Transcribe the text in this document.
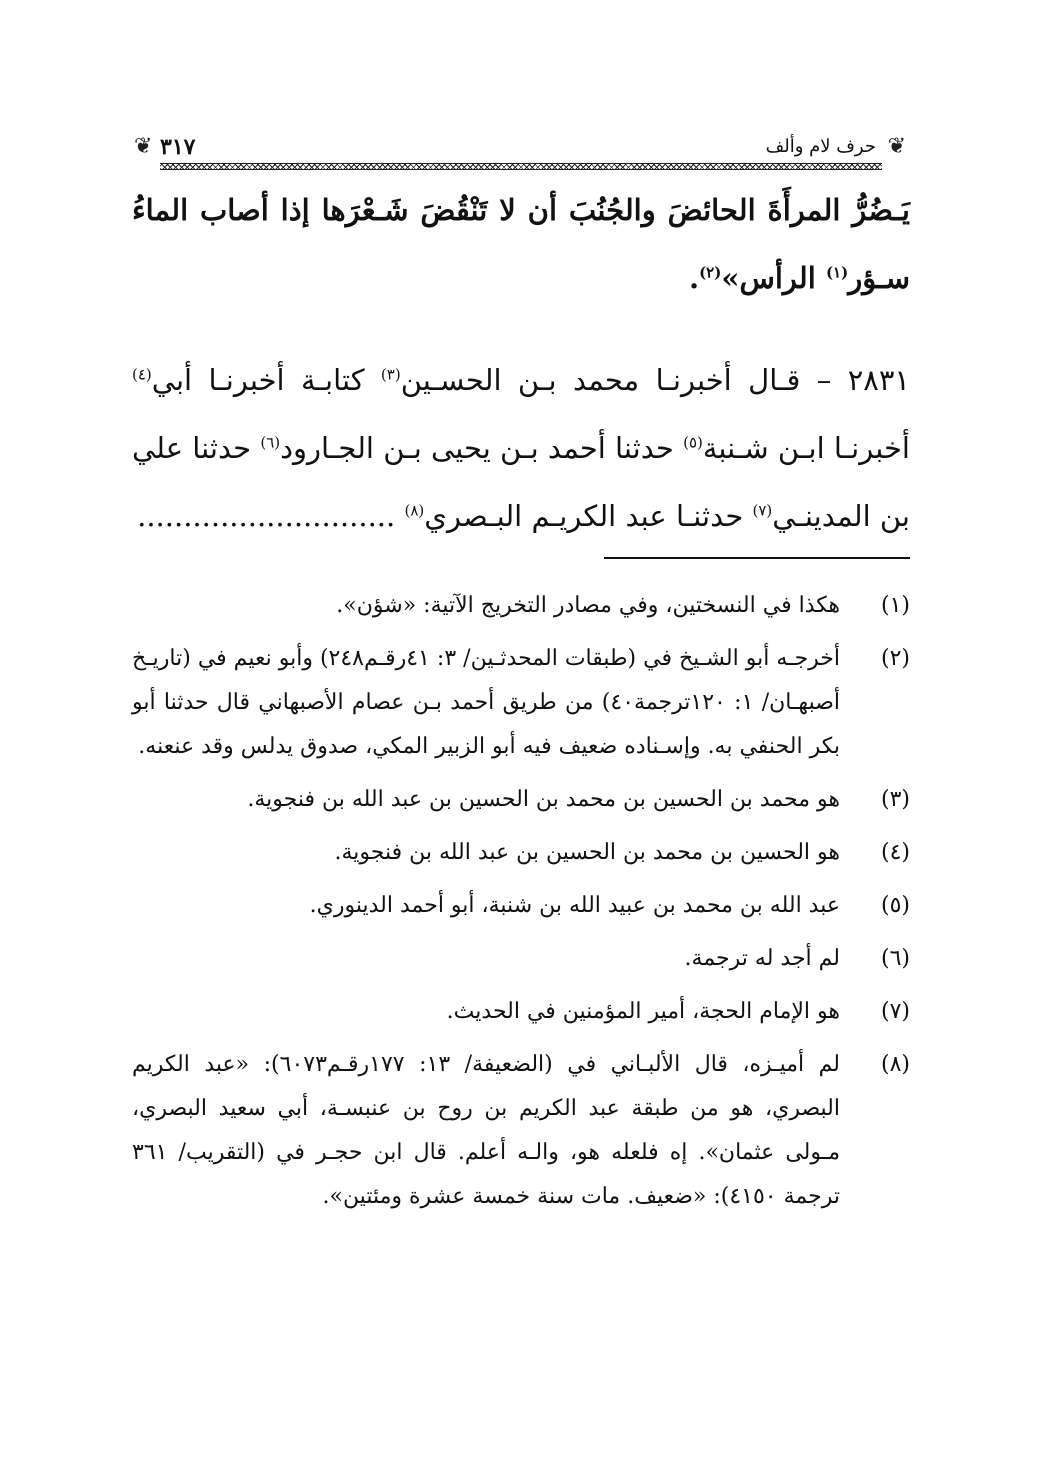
❦
حرف لام وألف
٣١٧
❦

يَـضُرُّ المرأَةَ الحائضَ والجُنُبَ أن لا تَنْقُضَ شَـعْرَها إذا أصاب الماءُ سـؤر$^{(١)}$ الرأس»$^{(٢)}$.

٢٨٣١ – قـال أخبرنـا محمد بـن الحسـين$^{(٣)}$ كتابـة أخبرنـا أبي$^{(٤)}$ أخبرنـا ابـن شـنبة$^{(٥)}$ حدثنا أحمد بـن يحيى بـن الجـارود$^{(٦)}$ حدثنا علي بن المدينـي$^{(٧)}$ حدثنـا عبد الكريـم البـصري$^{(٨)}$ ............................

(١)
هكذا في النسختين، وفي مصادر التخريج الآتية: «شؤن».
(٢)
أخرجـه أبو الشـيخ في (طبقات المحدثـين/ ٣: ٤١رقـم٢٤٨) وأبو نعيم في (تاريـخ أصبهـان/ ١: ١٢٠ترجمة٤٠) من طريق أحمد بـن عصام الأصبهاني قال حدثنا أبو بكر الحنفي به. وإسـناده ضعيف فيه أبو الزبير المكي، صدوق يدلس وقد عنعنه.
(٣)
هو محمد بن الحسين بن محمد بن الحسين بن عبد الله بن فنجوية.
(٤)
هو الحسين بن محمد بن الحسين بن عبد الله بن فنجوية.
(٥)
عبد الله بن محمد بن عبيد الله بن شنبة، أبو أحمد الدينوري.
(٦)
لم أجد له ترجمة.
(٧)
هو الإمام الحجة، أمير المؤمنين في الحديث.
(٨)
لم أميـزه، قال الألبـاني في (الضعيفة/ ١٣: ١٧٧رقـم٦٠٧٣): «عبد الكريم البصري، هو من طبقة عبد الكريم بن روح بن عنبسـة، أبي سعيد البصري، مـولى عثمان». إه فلعله هو، والـه أعلم. قال ابن حجـر في (التقريب/ ٣٦١ ترجمة ٤١٥٠): «ضعيف. مات سنة خمسة عشرة ومئتين».
